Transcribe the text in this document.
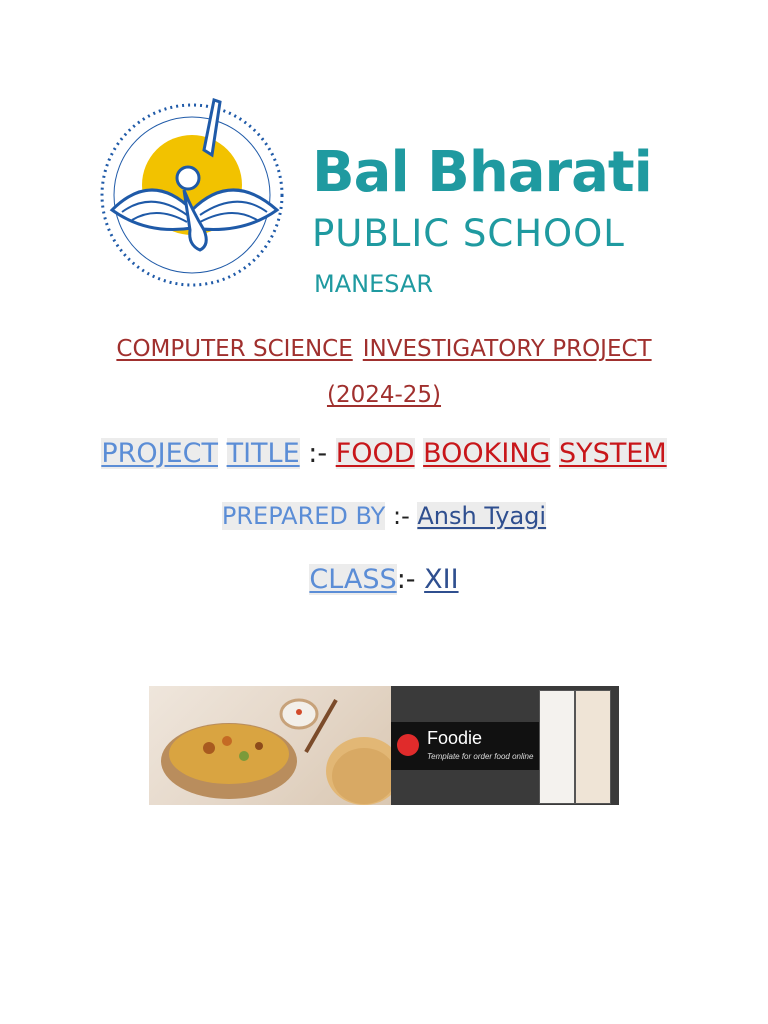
Bal Bharati
PUBLIC SCHOOL
MANESAR
COMPUTER SCIENCE INVESTIGATORY PROJECT
(2024-25)
PROJECT TITLE :- FOOD BOOKING SYSTEM
PREPARED BY :- Ansh Tyagi
CLASS:- XII
Foodie
Template for order food online
